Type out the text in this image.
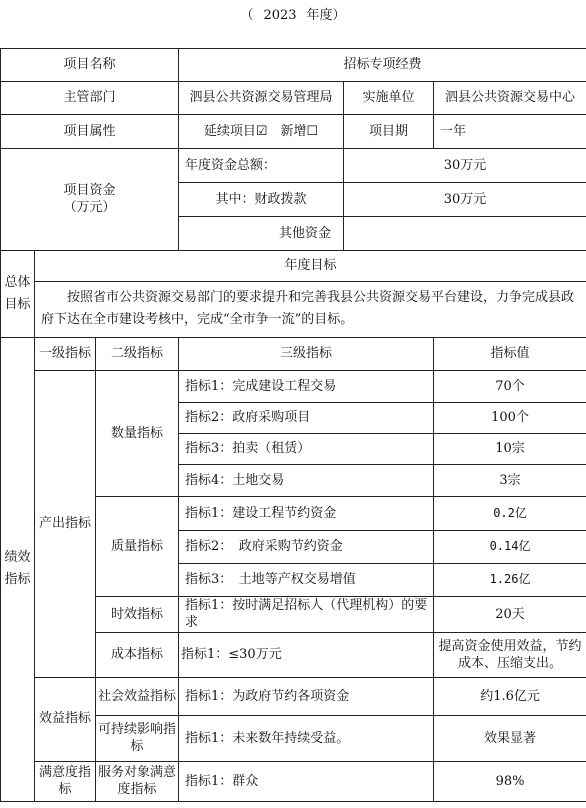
（ 2023 年度）

项目名称			招标专项经费		
主管部门			泗县公共资源交易管理局	实施单位	泗县公共资源交易中心
项目属性			延续项目☑　新增☐	项目期	一年

项目资金
（万元）			年度资金总额：	30万元	
			其中：财政拨款	30万元	
			其他资金		
总体目标	年度目标				
	按照省市公共资源交易部门的要求提升和完善我县公共资源交易平台建设，力争完成县政府下达在全市建设考核中，完成“全市争一流”的目标。				
绩效指标	一级指标	二级指标	三级指标		指标值
	产出指标	数量指标	指标1：完成建设工程交易		70个
			指标2：政府采购项目		100个
			指标3：拍卖（租赁）		10宗
			指标4：土地交易		3宗
		质量指标	指标1：建设工程节约资金		0.2亿
			指标2：　政府采购节约资金		0.14亿
			指标3：　土地等产权交易增值		1.26亿
		时效指标	指标1：按时满足招标人（代理机构）的要求		20天
		成本指标	指标1：≤30万元		提高资金使用效益，节约成本、压缩支出。
	效益指标	社会效益指标	指标1：为政府节约各项资金		约1.6亿元
		可持续影响指标	指标1：未来数年持续受益。		效果显著
	满意度指标	服务对象满意度指标	指标1：群众		98%
